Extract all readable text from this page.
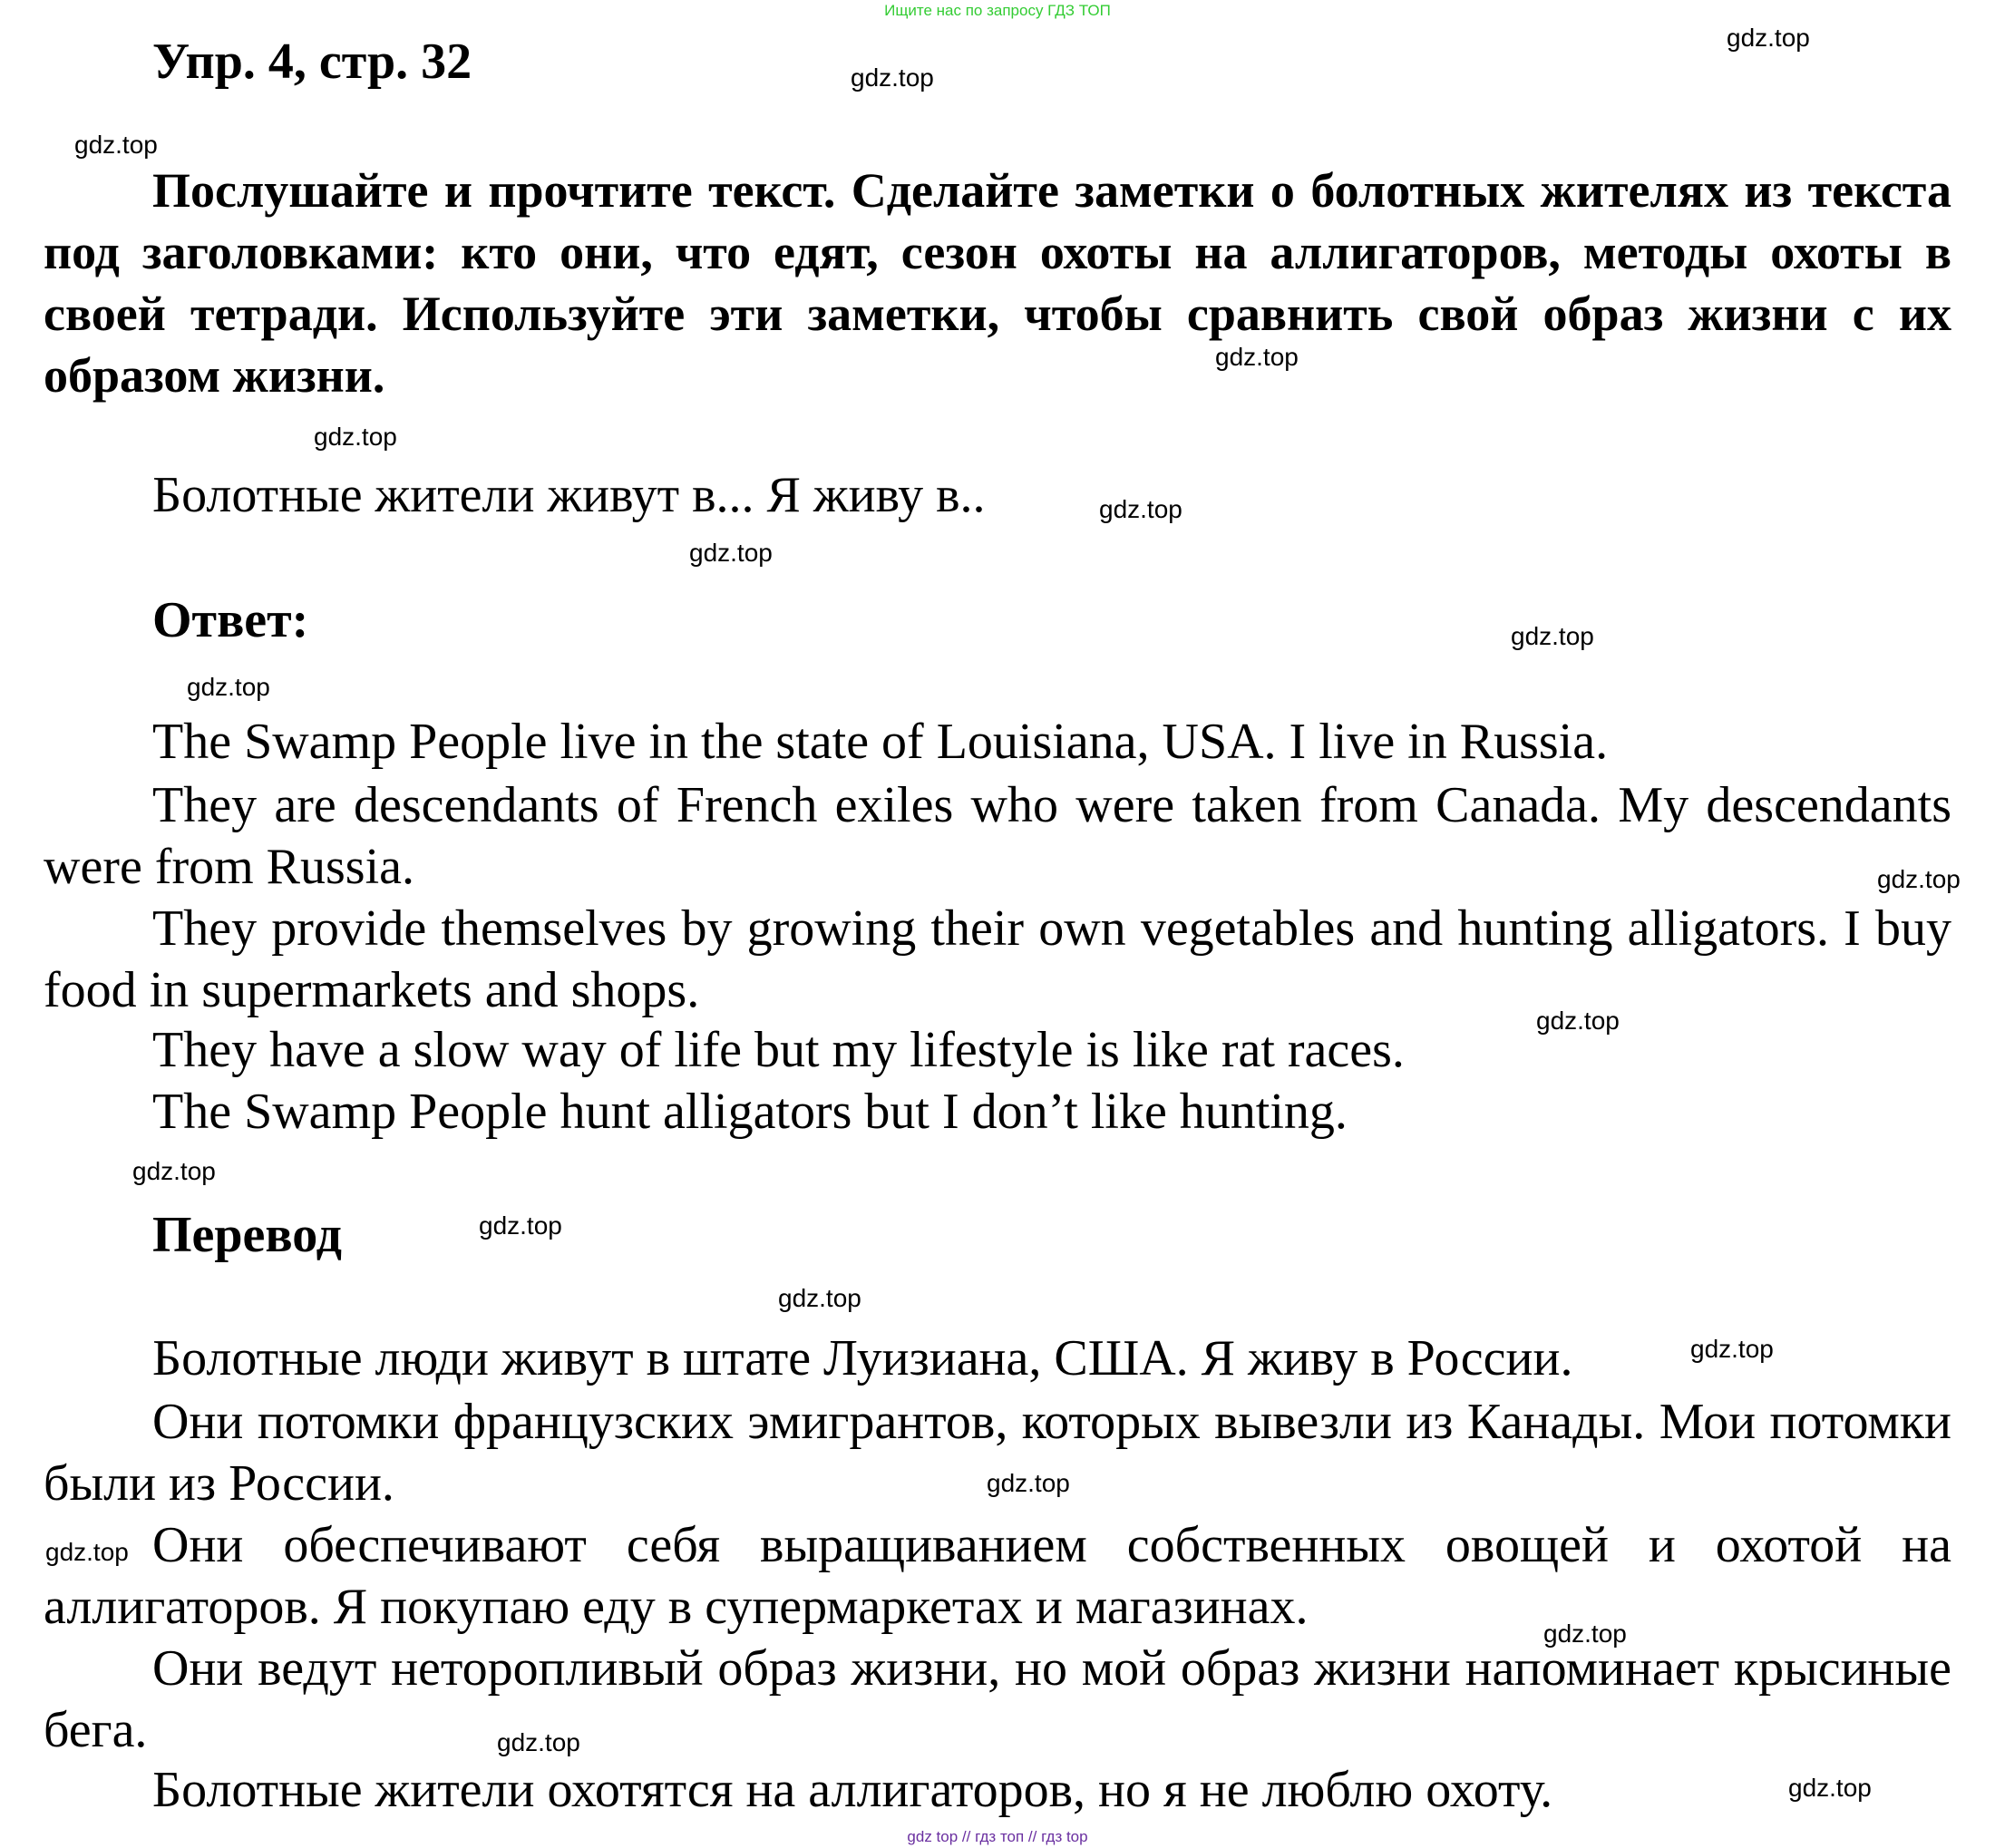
Ищите нас по запросу ГДЗ ТОП
Упр. 4, стр. 32

Послушайте и прочтите текст. Сделайте заметки о болотных жителях из текста под заголовками: кто они, что едят, сезон охоты на аллигаторов, методы охоты в своей тетради. Используйте эти заметки, чтобы сравнить свой образ жизни с их образом жизни.

Болотные жители живут в... Я живу в..
Ответ:
The Swamp People live in the state of Louisiana, USA. I live in Russia.

They are descendants of French exiles who were taken from Canada. My descendants were from Russia.

They provide themselves by growing their own vegetables and hunting alligators. I buy food in supermarkets and shops.

They have a slow way of life but my lifestyle is like rat races.
The Swamp People hunt alligators but I don’t like hunting.
Перевод
Болотные люди живут в штате Луизиана, США. Я живу в России.

Они потомки французских эмигрантов, которых вывезли из Канады. Мои потомки были из России.

Они обеспечивают себя выращиванием собственных овощей и охотой на аллигаторов. Я покупаю еду в супермаркетах и магазинах.

Они ведут неторопливый образ жизни, но мой образ жизни напоминает крысиные бега.

Болотные жители охотятся на аллигаторов, но я не люблю охоту.
gdz.top
gdz.top
gdz.top
gdz.top
gdz.top
gdz.top
gdz.top
gdz.top
gdz.top
gdz.top
gdz.top
gdz.top
gdz.top
gdz.top
gdz.top
gdz.top
gdz.top
gdz.top
gdz.top
gdz.top
gdz top // гдз топ // гдз top
